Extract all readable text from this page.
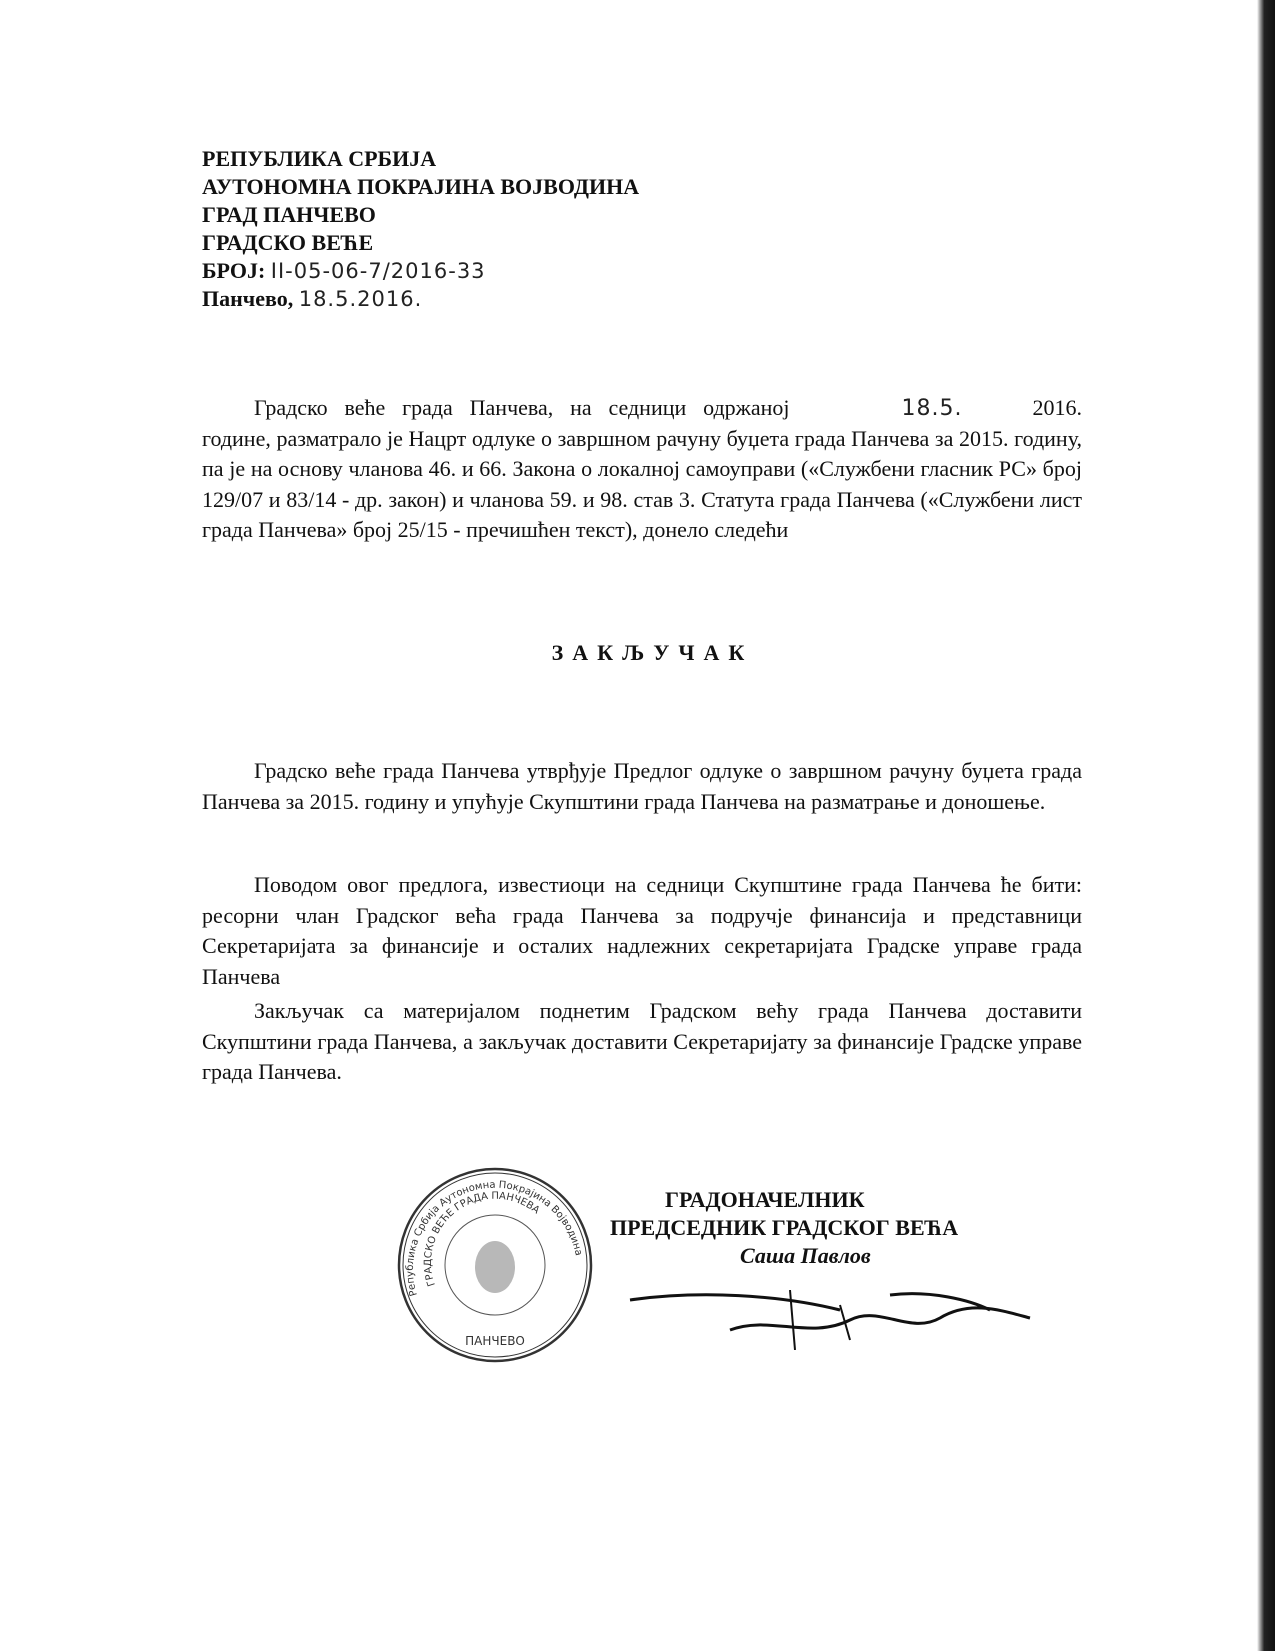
РЕПУБЛИКА СРБИЈА
АУТОНОМНА ПОКРАЈИНА ВОЈВОДИНА
ГРАД ПАНЧЕВО
ГРАДСКО ВЕЋЕ
БРОЈ: II-05-06-7/2016-33
Панчево, 18.5.2016.

Градско веће града Панчева, на седници одржаној	18.5.	2016. године, разматрало је Нацрт одлуке о завршном рачуну буџета града Панчева за 2015. годину, па је на основу чланова 46. и 66. Закона о локалној самоуправи («Службени гласник РС» број 129/07 и 83/14 - др. закон) и чланова 59. и 98. став 3. Статута града Панчева («Службени лист града Панчева» број 25/15 - пречишћен текст), донело следећи

ЗАКЉУЧАК

Градско веће града Панчева утврђује Предлог одлуке о завршном рачуну буџета града Панчева за 2015. годину и упућује Скупштини града Панчева на разматрање и доношење.

Поводом овог предлога, известиоци на седници Скупштине града Панчева ће бити: ресорни члан Градског већа града Панчева за подручје финансија и представници Секретаријата за финансије и осталих надлежних секретаријата Градске управе града Панчева

Закључак са материјалом поднетим Градском већу града Панчева доставити Скупштини града Панчева, а закључак доставити Секретаријату за финансије Градске управе града Панчева.

Република Србија Аутономна Покрајина Војводина
ГРАДСКО ВЕЋЕ ГРАДА ПАНЧЕВА
ПАНЧЕВО
ГРАДОНАЧЕЛНИК
ПРЕДСЕДНИК ГРАДСКОГ ВЕЋА
Саша Павлов
